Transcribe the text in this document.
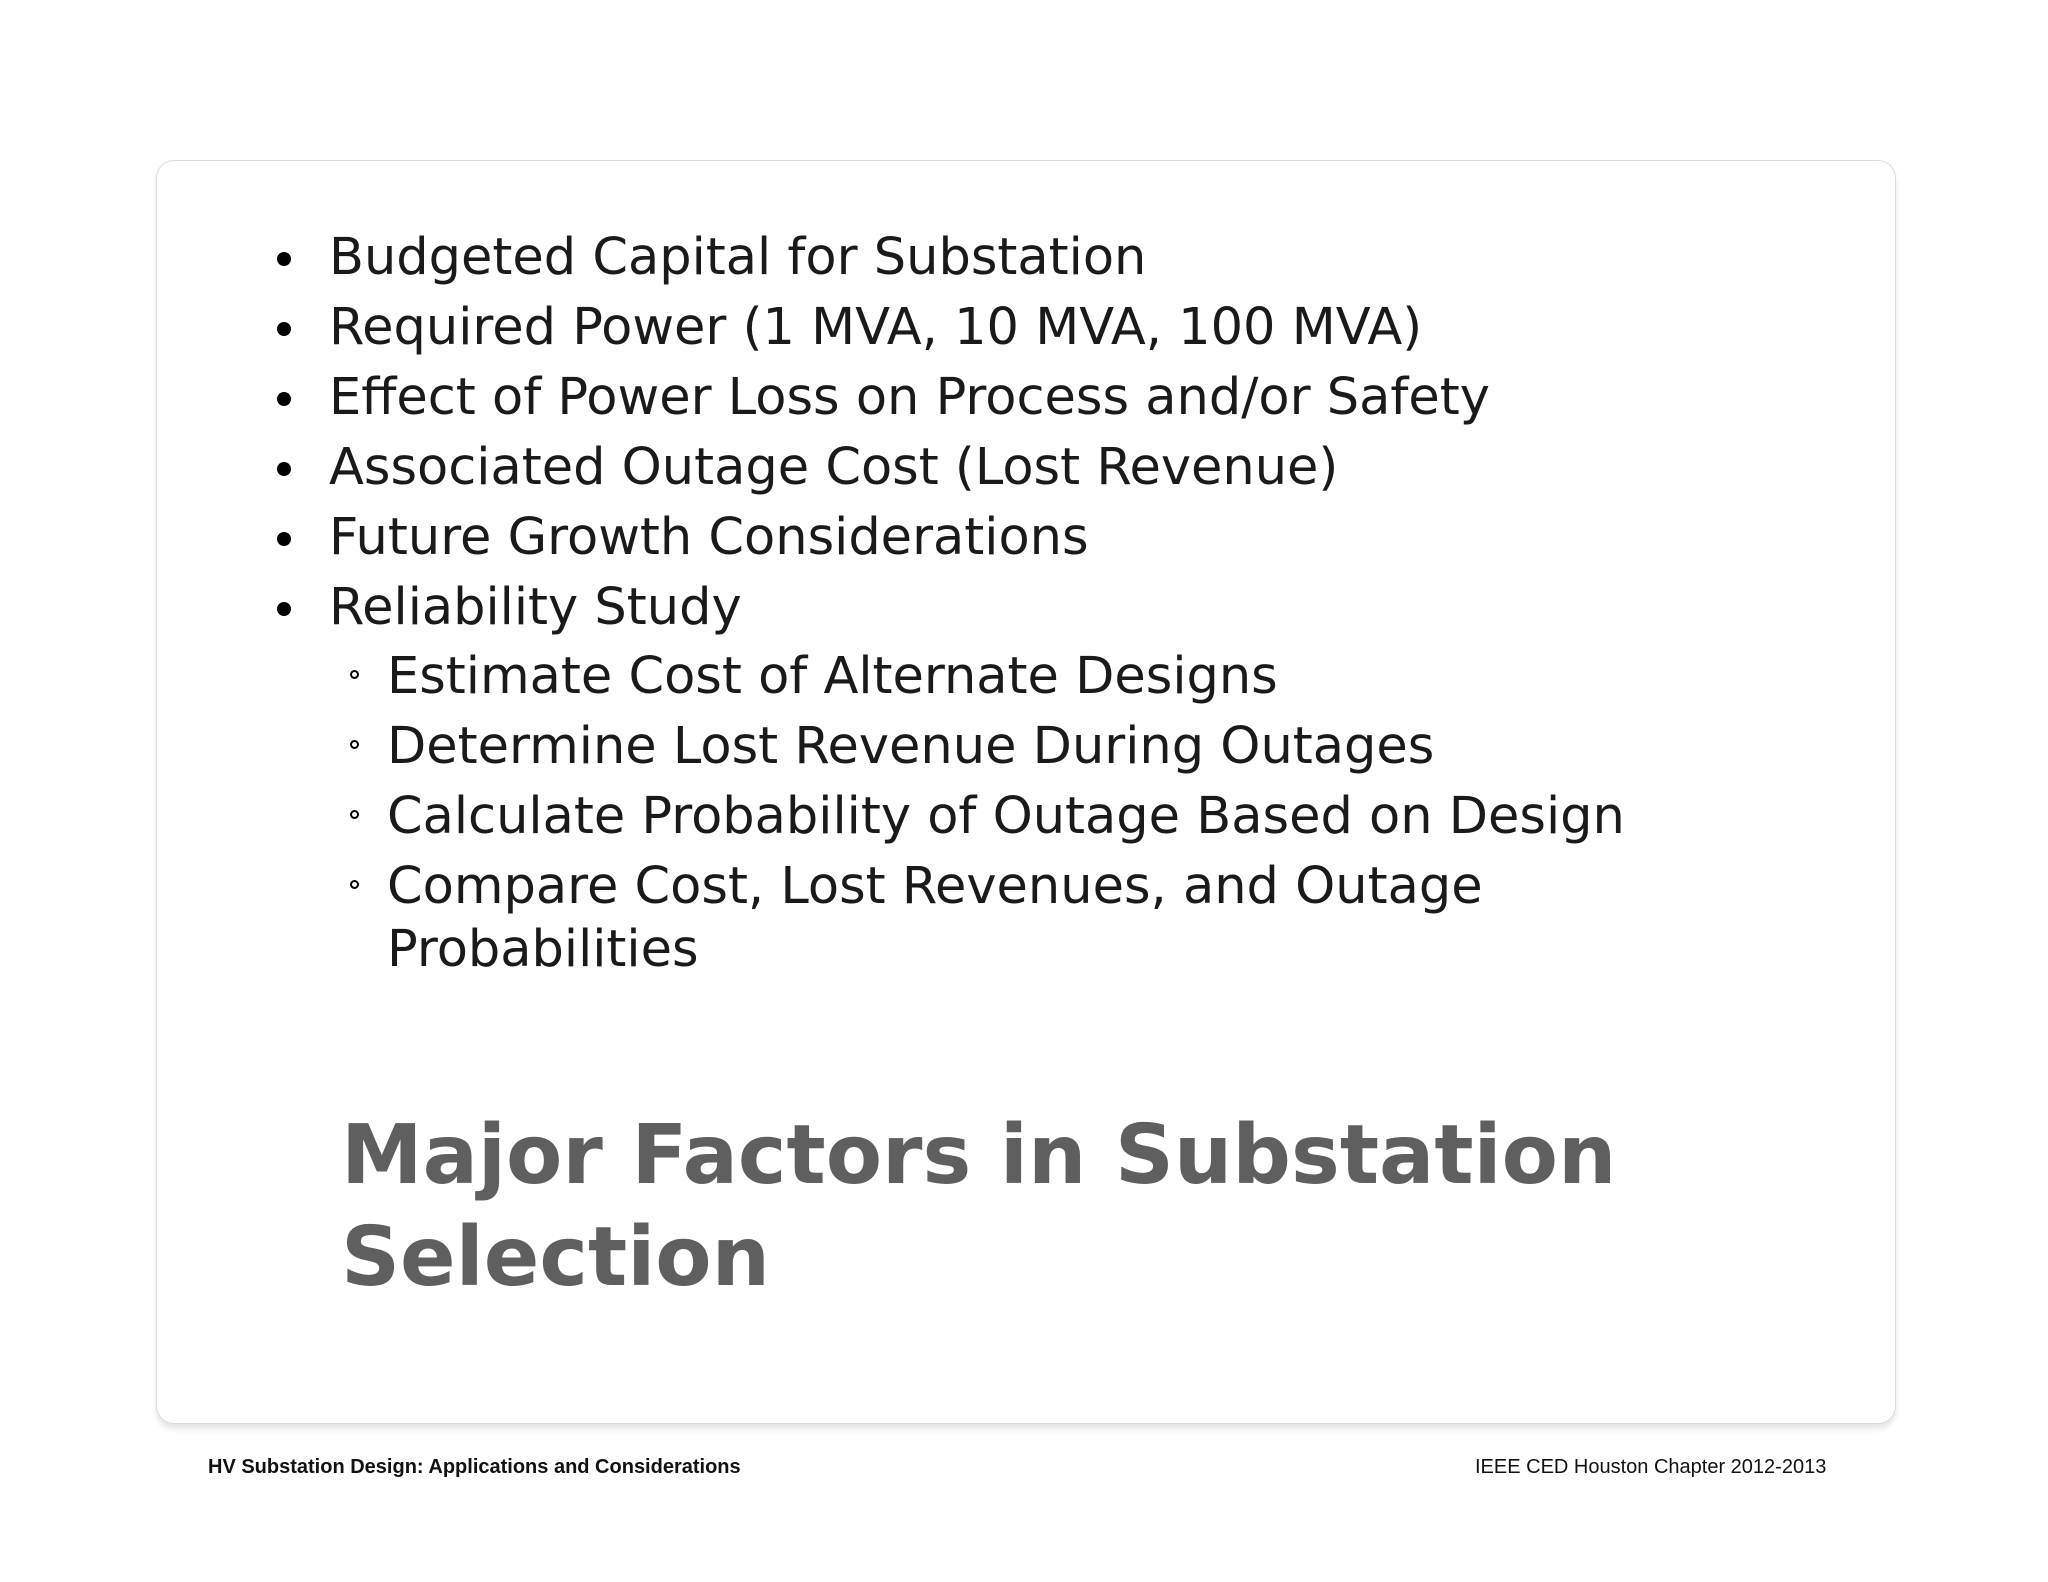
Budgeted Capital for Substation
Required Power (1 MVA, 10 MVA, 100 MVA)
Effect of Power Loss on Process and/or Safety
Associated Outage Cost (Lost Revenue)
Future Growth Considerations
Reliability Study
Estimate Cost of Alternate Designs
Determine Lost Revenue During Outages
Calculate Probability of Outage Based on Design
Compare Cost, Lost Revenues, and Outage
Probabilities
Major Factors in Substation Selection
HV Substation Design: Applications and Considerations	IEEE CED Houston Chapter 2012-2013
